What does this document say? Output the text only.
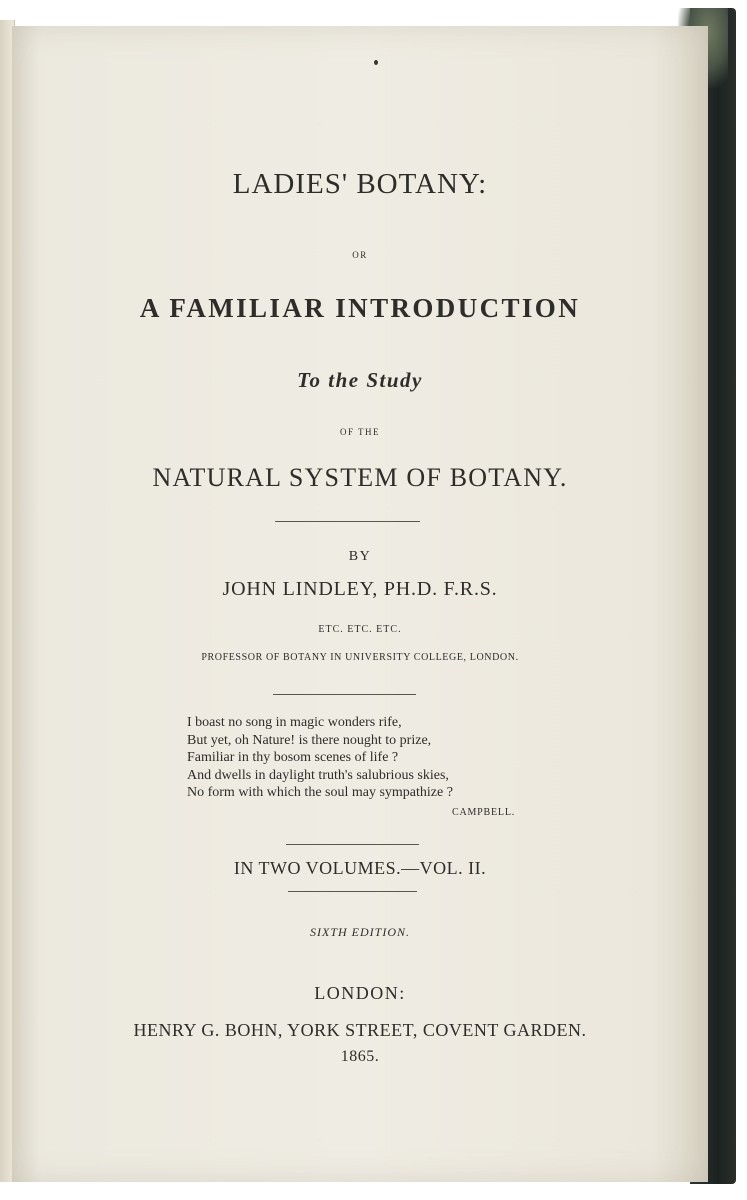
LADIES' BOTANY:
OR
A FAMILIAR INTRODUCTION
To the Study
OF THE
NATURAL SYSTEM OF BOTANY.
BY
JOHN LINDLEY, PH.D. F.R.S.
ETC. ETC. ETC.
PROFESSOR OF BOTANY IN UNIVERSITY COLLEGE, LONDON.
I boast no song in magic wonders rife,
But yet, oh Nature! is there nought to prize,
Familiar in thy bosom scenes of life ?
And dwells in daylight truth's salubrious skies,
No form with which the soul may sympathize ?
CAMPBELL.
IN TWO VOLUMES.—VOL. II.
SIXTH EDITION.
LONDON:
HENRY G. BOHN, YORK STREET, COVENT GARDEN.
1865.
